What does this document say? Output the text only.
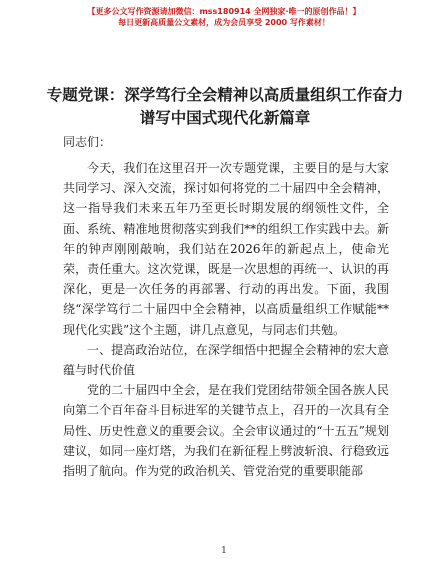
【更多公文写作资源请加微信：mss180914 全网独家·唯一的原创作品！】
每日更新高质量公文素材，成为会员享受 2000 写作素材！
专题党课：深学笃行全会精神以高质量组织工作奋力谱写中国式现代化新篇章
同志们：

今天，我们在这里召开一次专题党课，主要目的是与大家共同学习、深入交流，探讨如何将党的二十届四中全会精神，这一指导我们未来五年乃至更长时期发展的纲领性文件，全面、系统、精准地贯彻落实到我们**的组织工作实践中去。新年的钟声刚刚敲响，我们站在2026年的新起点上，使命光荣，责任重大。这次党课，既是一次思想的再统一、认识的再深化，更是一次任务的再部署、行动的再出发。下面，我围绕“深学笃行二十届四中全会精神，以高质量组织工作赋能**现代化实践”这个主题，讲几点意见，与同志们共勉。

一、提高政治站位，在深学细悟中把握全会精神的宏大意蕴与时代价值

党的二十届四中全会，是在我们党团结带领全国各族人民向第二个百年奋斗目标进军的关键节点上，召开的一次具有全局性、历史性意义的重要会议。全会审议通过的“十五五”规划建议，如同一座灯塔，为我们在新征程上劈波斩浪、行稳致远指明了航向。作为党的政治机关、管党治党的重要职能部

1
